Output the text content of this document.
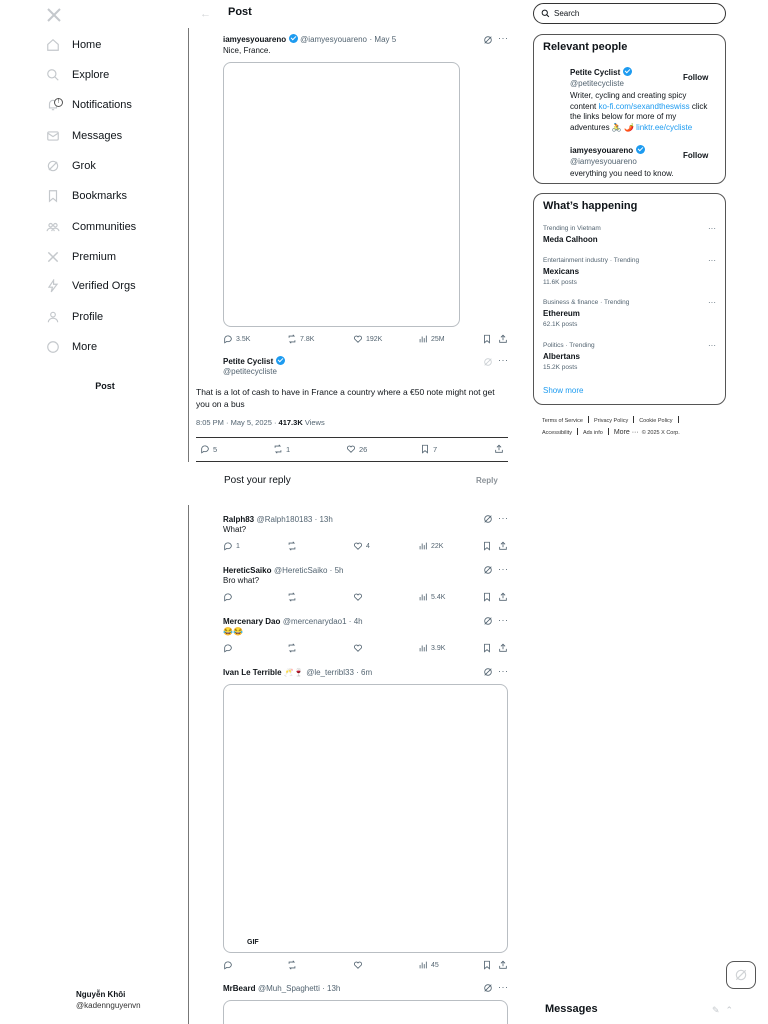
Home
Explore
!	Notifications
Messages
Grok
Bookmarks
Communities
Premium
Verified Orgs
Profile
More
Post
Nguyễn Khôi
@kadennguyenvn
← Post
iamyesyouareno @iamyesyouareno · May 5	···
Nice, France.
3.5K	7.8K	192K	25M
Petite Cyclist
@petitecycliste
···
That is a lot of cash to have in France a country where a €50 note might not get you on a bus
8:05 PM · May 5, 2025 · 417.3K Views
5	1	26	7
Post your reply	Reply
Ralph83 @Ralph180183 · 13h	···
What?
1	4	22K
HereticSaiko @HereticSaiko · 5h	···
Bro what?
5.4K
Mercenary Dao @mercenarydao1 · 4h	···
😂😂
3.9K
Ivan Le Terrible 🥂🍷 @le_terribl33 · 6m	···
GIF
45
MrBeard @Muh_Spaghetti · 13h	···
Search
Relevant people
Petite Cyclist
@petitecycliste
Writer, cycling and creating spicy
content ko-fi.com/sexandtheswiss click
the links below for more of my
adventures 🚴 🌶️ linktr.ee/cycliste
Follow
iamyesyouareno
@iamyesyouareno
everything you need to know.
Follow
What’s happening
Trending in Vietnam
Meda Calhoon
···
Entertainment industry · Trending
Mexicans
11.6K posts
···
Business & finance · Trending
Ethereum
62.1K posts
···
Politics · Trending
Albertans
15.2K posts
···
Show more
Terms of Service Privacy Policy Cookie Policy
Accessibility Ads info More ··· © 2025 X Corp.
Messages	✎⌃
